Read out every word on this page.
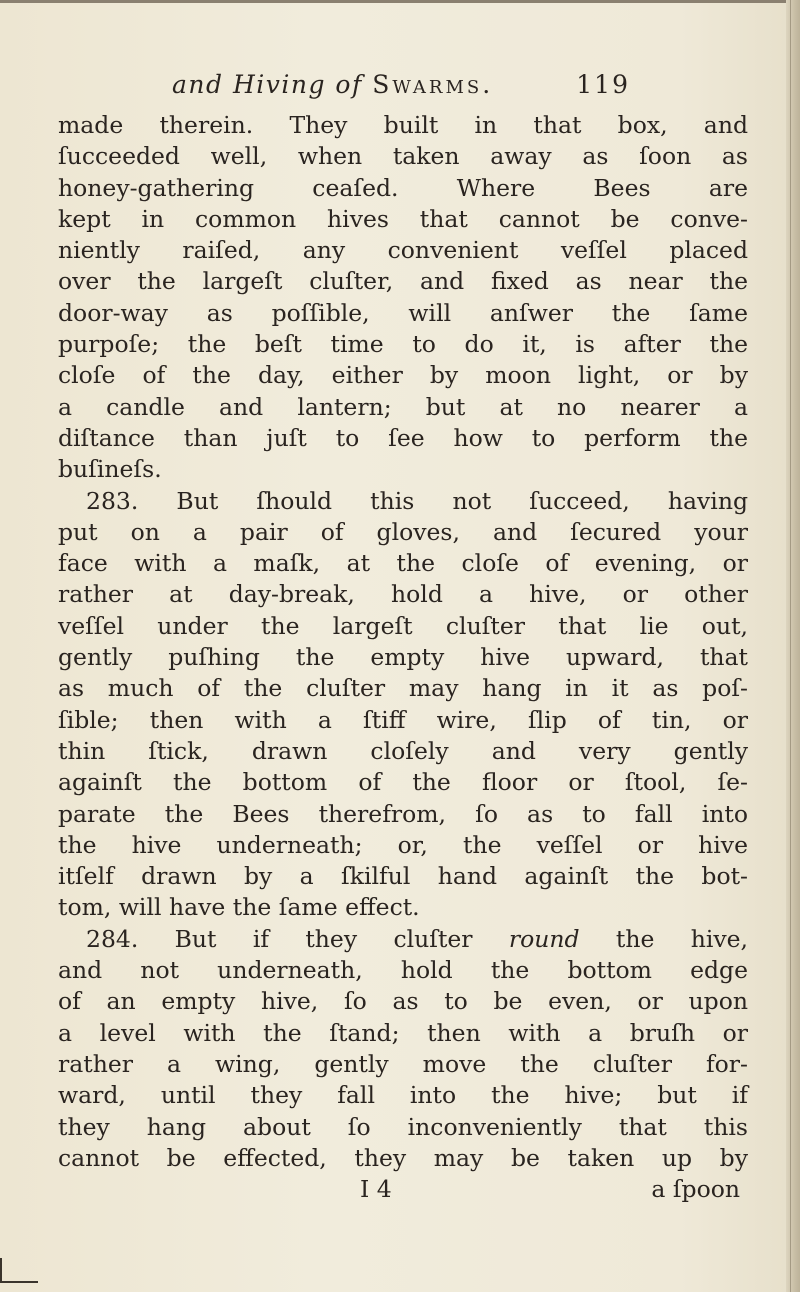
and Hiving of Swarms.	119
made therein. They built in that box, and
ſucceeded well, when taken away as ſoon as
honey-gathering ceaſed. Where Bees are
kept in common hives that cannot be conve-
niently raiſed, any convenient veſſel placed
over the largeſt cluſter, and fixed as near the
door-way as poſſible, will anſwer the ſame
purpoſe; the beſt time to do it, is after the
cloſe of the day, either by moon light, or by
a candle and lantern; but at no nearer a
diſtance than juſt to ſee how to perform the
buſineſs.
283. But ſhould this not ſucceed, having
put on a pair of gloves, and ſecured your
face with a maſk, at the cloſe of evening, or
rather at day-break, hold a hive, or other
veſſel under the largeſt cluſter that lie out,
gently puſhing the empty hive upward, that
as much of the cluſter may hang in it as poſ-
ſible; then with a ſtiff wire, ſlip of tin, or
thin ſtick, drawn cloſely and very gently
againſt the bottom of the floor or ſtool, ſe-
parate the Bees therefrom, ſo as to fall into
the hive underneath; or, the veſſel or hive
itſelf drawn by a ſkilful hand againſt the bot-
tom, will have the ſame effect.
284. But if they cluſter round the hive,
and not underneath, hold the bottom edge
of an empty hive, ſo as to be even, or upon
a level with the ſtand; then with a bruſh or
rather a wing, gently move the cluſter for-
ward, until they fall into the hive; but if
they hang about ſo inconveniently that this
cannot be effected, they may be taken up by
I 4	a ſpoon
